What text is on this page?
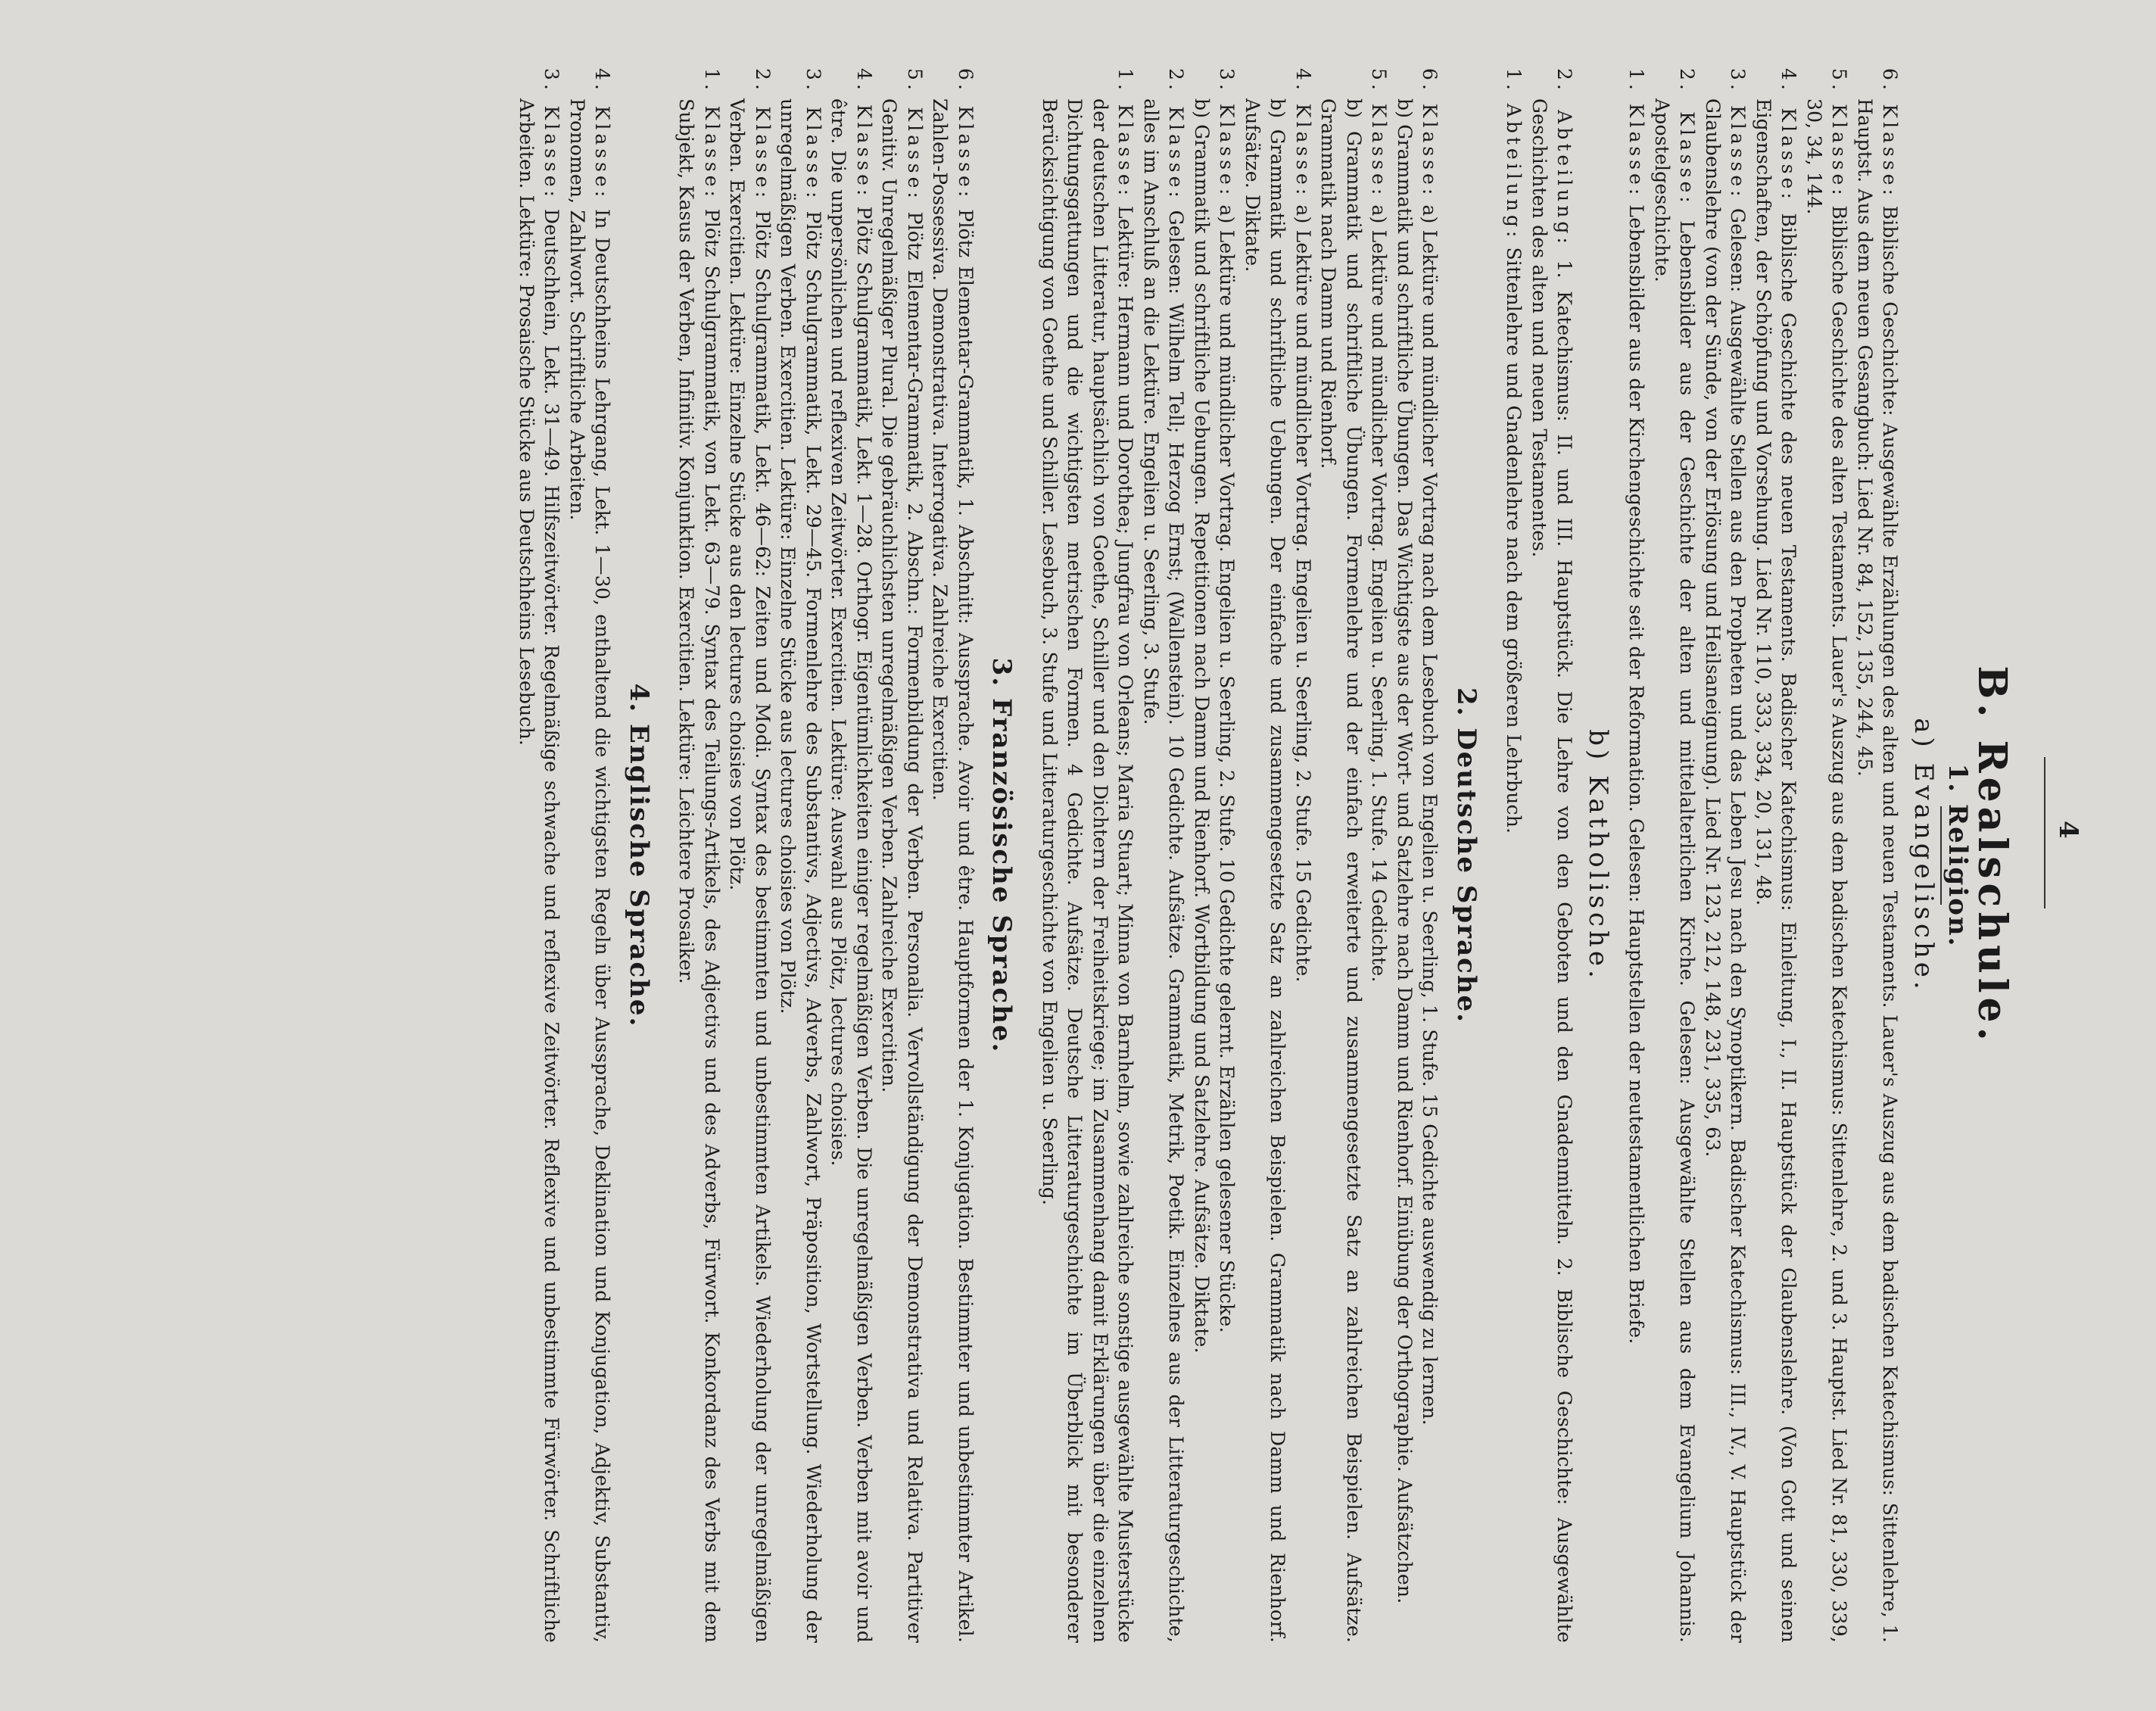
4
B. Realschule.
1. Religion.
a) Evangelische.

6. Klasse: Biblische Geschichte: Ausgewählte Erzählungen des alten und neuen Testaments. Lauer's Auszug aus dem badischen Katechismus: Sittenlehre, 1. Hauptst. Aus dem neuen Gesangbuch: Lied Nr. 84, 152, 135, 244, 45.

5. Klasse: Biblische Geschichte des alten Testaments. Lauer's Auszug aus dem badischen Katechismus: Sittenlehre, 2. und 3. Hauptst. Lied Nr. 81, 330, 339, 30, 34, 144.

4. Klasse: Biblische Geschichte des neuen Testaments. Badischer Katechismus: Einleitung, I., II. Hauptstück der Glaubenslehre. (Von Gott und seinen Eigenschaften, der Schöpfung und Vorsehung. Lied Nr. 110, 333, 334, 20, 131, 48.

3. Klasse: Gelesen: Ausgewählte Stellen aus den Propheten und das Leben Jesu nach den Synoptikern. Badischer Katechismus: III., IV., V. Hauptstück der Glaubenslehre (von der Sünde, von der Erlösung und Heilsaneignung). Lied Nr. 123, 212, 148, 231, 335, 63.

2. Klasse: Lebensbilder aus der Geschichte der alten und mittelalterlichen Kirche. Gelesen: Ausgewählte Stellen aus dem Evangelium Johannis. Apostelgeschichte.

1. Klasse: Lebensbilder aus der Kirchengeschichte seit der Reformation. Gelesen: Hauptstellen der neutestamentlichen Briefe.

b) Katholische.

2. Abteilung: 1. Katechismus: II. und III. Hauptstück. Die Lehre von den Geboten und den Gnadenmitteln. 2. Biblische Geschichte: Ausgewählte Geschichten des alten und neuen Testamentes.

1. Abteilung: Sittenlehre und Gnadenlehre nach dem größeren Lehrbuch.

2. Deutsche Sprache.

6. Klasse: a) Lektüre und mündlicher Vortrag nach dem Lesebuch von Engelien u. Seerling, 1. Stufe. 15 Gedichte auswendig zu lernen.

b) Grammatik und schriftliche Übungen. Das Wichtigste aus der Wort- und Satzlehre nach Damm und Rienhorf. Einübung der Orthographie. Aufsätzchen.

5. Klasse: a) Lektüre und mündlicher Vortrag. Engelien u. Seerling, 1. Stufe. 14 Gedichte.

b) Grammatik und schriftliche Übungen. Formenlehre und der einfach erweiterte und zusammengesetzte Satz an zahlreichen Beispielen. Aufsätze. Grammatik nach Damm und Rienhorf.

4. Klasse: a) Lektüre und mündlicher Vortrag. Engelien u. Seerling, 2. Stufe. 15 Gedichte.

b) Grammatik und schriftliche Uebungen. Der einfache und zusammengesetzte Satz an zahlreichen Beispielen. Grammatik nach Damm und Rienhorf. Aufsätze. Diktate.

3. Klasse: a) Lektüre und mündlicher Vortrag. Engelien u. Seerling, 2. Stufe. 10 Gedichte gelernt. Erzählen gelesener Stücke.

b) Grammatik und schriftliche Uebungen. Repetitionen nach Damm und Rienhorf. Wortbildung und Satzlehre. Aufsätze. Diktate.

2. Klasse: Gelesen: Wilhelm Tell; Herzog Ernst; (Wallenstein). 10 Gedichte. Aufsätze. Grammatik, Metrik, Poetik. Einzelnes aus der Litteraturgeschichte, alles im Anschluß an die Lektüre. Engelien u. Seerling, 3. Stufe.

1. Klasse: Lektüre: Hermann und Dorothea; Jungfrau von Orleans; Maria Stuart; Minna von Barnhelm, sowie zahlreiche sonstige ausgewählte Musterstücke der deutschen Litteratur, hauptsächlich von Goethe, Schiller und den Dichtern der Freiheitskriege; im Zusammenhang damit Erklärungen über die einzelnen Dichtungsgattungen und die wichtigsten metrischen Formen. 4 Gedichte. Aufsätze. Deutsche Litteraturgeschichte im Überblick mit besonderer Berücksichtigung von Goethe und Schiller. Lesebuch, 3. Stufe und Litteraturgeschichte von Engelien u. Seerling.

3. Französische Sprache.

6. Klasse: Plötz Elementar-Grammatik, 1. Abschnitt: Aussprache. Avoir und être. Hauptformen der 1. Konjugation. Bestimmter und unbestimmter Artikel. Zahlen-Possessiva. Demonstrativa. Interrogativa. Zahlreiche Exercitien.

5. Klasse: Plötz Elementar-Grammatik, 2. Abschn.: Formenbildung der Verben. Personalia. Vervollständigung der Demonstrativa und Relativa. Partitiver Genitiv. Unregelmäßiger Plural. Die gebräuchlichsten unregelmäßigen Verben. Zahlreiche Exercitien.

4. Klasse: Plötz Schulgrammatik, Lekt. 1—28. Orthogr. Eigentümlichkeiten einiger regelmäßigen Verben. Die unregelmäßigen Verben. Verben mit avoir und être. Die unpersönlichen und reflexiven Zeitwörter. Exercitien. Lektüre: Auswahl aus Plötz, lectures choisies.

3. Klasse: Plötz Schulgrammatik, Lekt. 29—45. Formenlehre des Substantivs, Adjectivs, Adverbs, Zahlwort, Präposition, Wortstellung. Wiederholung der unregelmäßigen Verben. Exercitien. Lektüre: Einzelne Stücke aus lectures choisies von Plötz.

2. Klasse: Plötz Schulgrammatik, Lekt. 46—62: Zeiten und Modi. Syntax des bestimmten und unbestimmten Artikels. Wiederholung der unregelmäßigen Verben. Exercitien. Lektüre: Einzelne Stücke aus den lectures choisies von Plötz.

1. Klasse: Plötz Schulgrammatik, von Lekt. 63—79. Syntax des Teilungs-Artikels, des Adjectivs und des Adverbs, Fürwort. Konkordanz des Verbs mit dem Subjekt, Kasus der Verben, Infinitiv. Konjunktion. Exercitien. Lektüre: Leichtere Prosaiker.

4. Englische Sprache.

4. Klasse: In Deutschheins Lehrgang, Lekt. 1—30, enthaltend die wichtigsten Regeln über Aussprache, Deklination und Konjugation, Adjektiv, Substantiv, Pronomen, Zahlwort. Schriftliche Arbeiten.

3. Klasse: Deutschhein, Lekt. 31—49. Hilfszeitwörter. Regelmäßige schwache und reflexive Zeitwörter. Reflexive und unbestimmte Fürwörter. Schriftliche Arbeiten. Lektüre: Prosaische Stücke aus Deutschheins Lesebuch.
